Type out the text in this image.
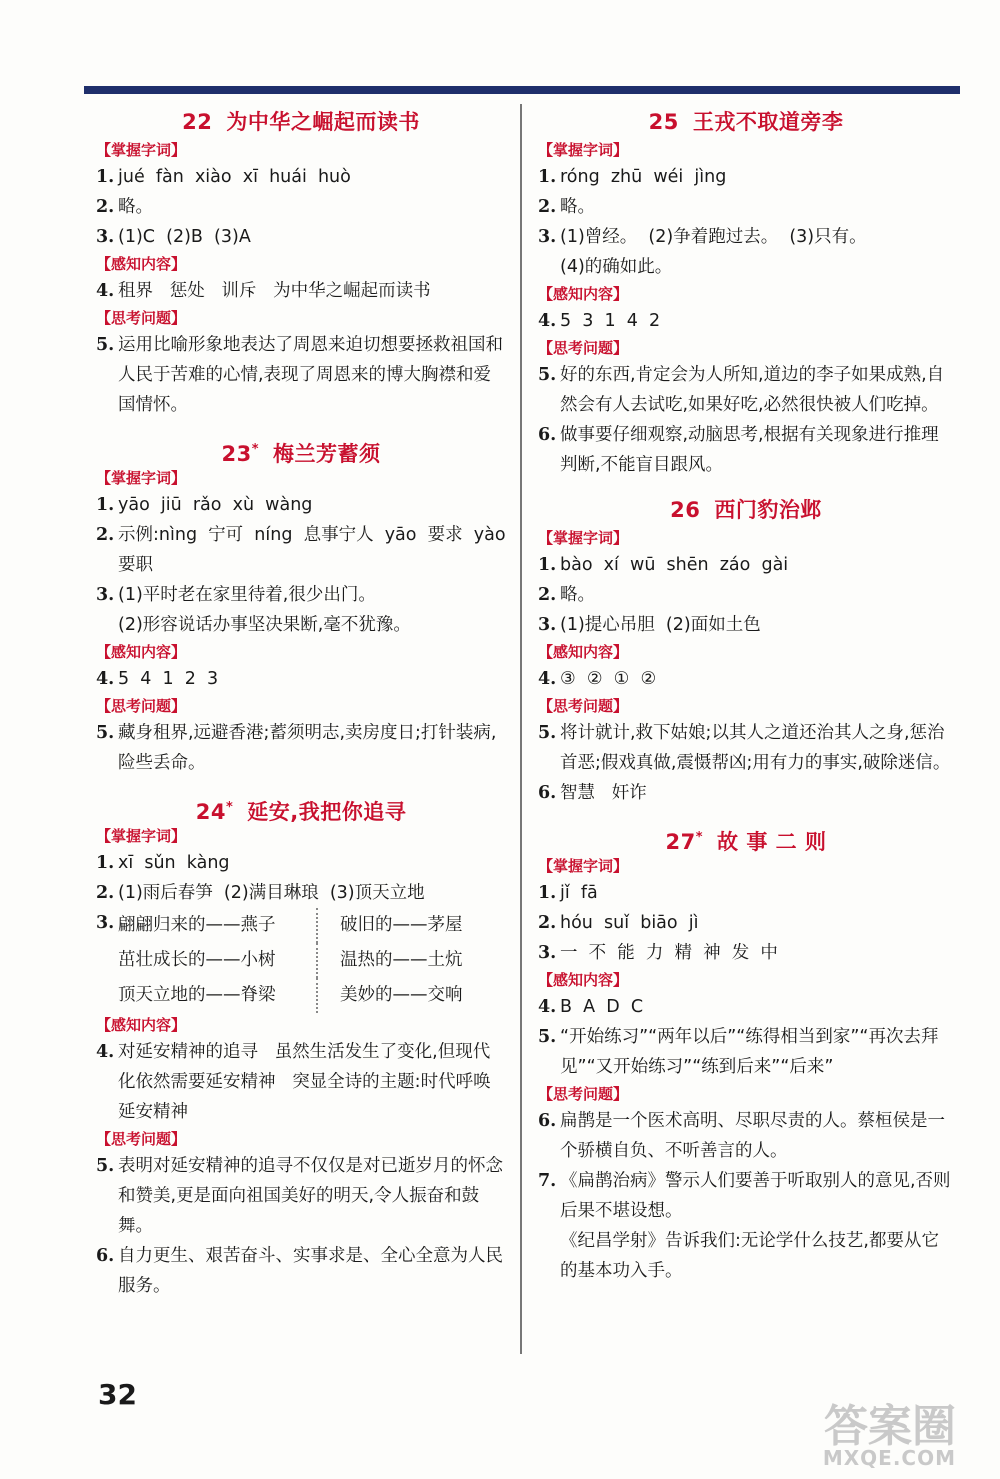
22 为中华之崛起而读书
【掌握字词】
1. jué  fàn  xiào  xī  huái  huò
2. 略。
3. (1)C  (2)B  (3)A
【感知内容】
4. 租界   惩处   训斥   为中华之崛起而读书
【思考问题】
5. 运用比喻形象地表达了周恩来迫切想要拯救祖国和人民于苦难的心情,表现了周恩来的博大胸襟和爱国情怀。
23* 梅兰芳蓄须
【掌握字词】
1. yāo  jiū  rǎo  xù  wàng
2. 示例:nìng  宁可  níng  息事宁人  yāo  要求  yào  要职
3. (1)平时老在家里待着,很少出门。
(2)形容说话办事坚决果断,毫不犹豫。
【感知内容】
4. 5  4  1  2  3
【思考问题】
5. 藏身租界,远避香港;蓄须明志,卖房度日;打针装病,险些丢命。
24* 延安,我把你追寻
【掌握字词】
1. xī  sǔn  kàng
2. (1)雨后春笋  (2)满目琳琅  (3)顶天立地
3. 翩翩归来的——燕子	破旧的——茅屋
茁壮成长的——小树	温热的——土炕
顶天立地的——脊梁	美妙的——交响
【感知内容】
4. 对延安精神的追寻   虽然生活发生了变化,但现代化依然需要延安精神   突显全诗的主题:时代呼唤延安精神
【思考问题】
5. 表明对延安精神的追寻不仅仅是对已逝岁月的怀念和赞美,更是面向祖国美好的明天,令人振奋和鼓舞。
6. 自力更生、艰苦奋斗、实事求是、全心全意为人民服务。
25 王戎不取道旁李
【掌握字词】
1. róng  zhū  wéi  jìng
2. 略。
3. (1)曾经。  (2)争着跑过去。  (3)只有。
(4)的确如此。
【感知内容】
4. 5  3  1  4  2
【思考问题】
5. 好的东西,肯定会为人所知,道边的李子如果成熟,自然会有人去试吃,如果好吃,必然很快被人们吃掉。
6. 做事要仔细观察,动脑思考,根据有关现象进行推理判断,不能盲目跟风。
26 西门豹治邺
【掌握字词】
1. bào  xí  wū  shēn  záo  gài
2. 略。
3. (1)提心吊胆  (2)面如土色
【感知内容】
4. ③  ②  ①  ②
【思考问题】
5. 将计就计,救下姑娘;以其人之道还治其人之身,惩治首恶;假戏真做,震慑帮凶;用有力的事实,破除迷信。
6. 智慧   奸诈
27* 故 事 二 则
【掌握字词】
1. jǐ  fā
2. hóu  suǐ  biāo  jì
3. 一  不  能  力  精  神  发  中
【感知内容】
4. B  A  D  C
5. “开始练习”“两年以后”“练得相当到家”“再次去拜见”“又开始练习”“练到后来”“后来”
【思考问题】
6. 扁鹊是一个医术高明、尽职尽责的人。蔡桓侯是一个骄横自负、不听善言的人。
7. 《扁鹊治病》警示人们要善于听取别人的意见,否则后果不堪设想。
《纪昌学射》告诉我们:无论学什么技艺,都要从它的基本功入手。
32
答案圈
MXQE.COM
